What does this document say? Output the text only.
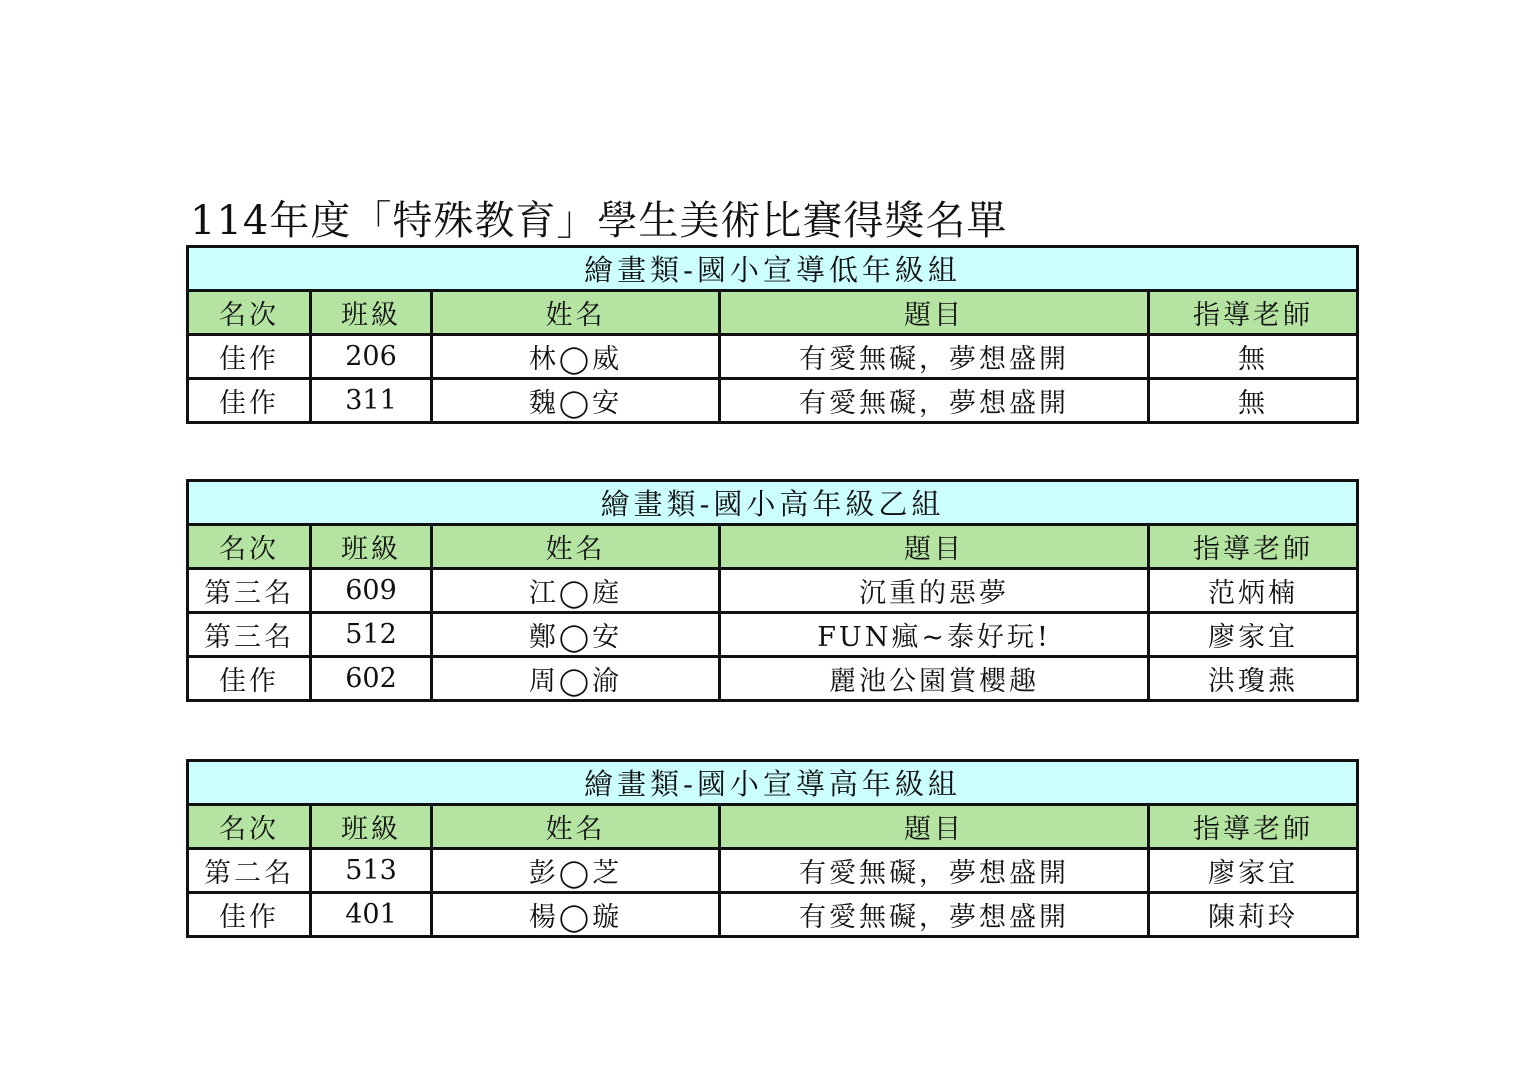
114年度「特殊教育」學生美術比賽得獎名單
繪畫類-國小宣導低年級組				
名次	班級	姓名	題目	指導老師
佳作	206	林◯威	有愛無礙，夢想盛開	無
佳作	311	魏◯安	有愛無礙，夢想盛開	無
繪畫類-國小高年級乙組				
名次	班級	姓名	題目	指導老師
第三名	609	江◯庭	沉重的惡夢	范炳楠
第三名	512	鄭◯安	FUN瘋~泰好玩!	廖家宜
佳作	602	周◯渝	麗池公園賞櫻趣	洪瓊燕
繪畫類-國小宣導高年級組				
名次	班級	姓名	題目	指導老師
第二名	513	彭◯芝	有愛無礙，夢想盛開	廖家宜
佳作	401	楊◯璇	有愛無礙，夢想盛開	陳莉玲
